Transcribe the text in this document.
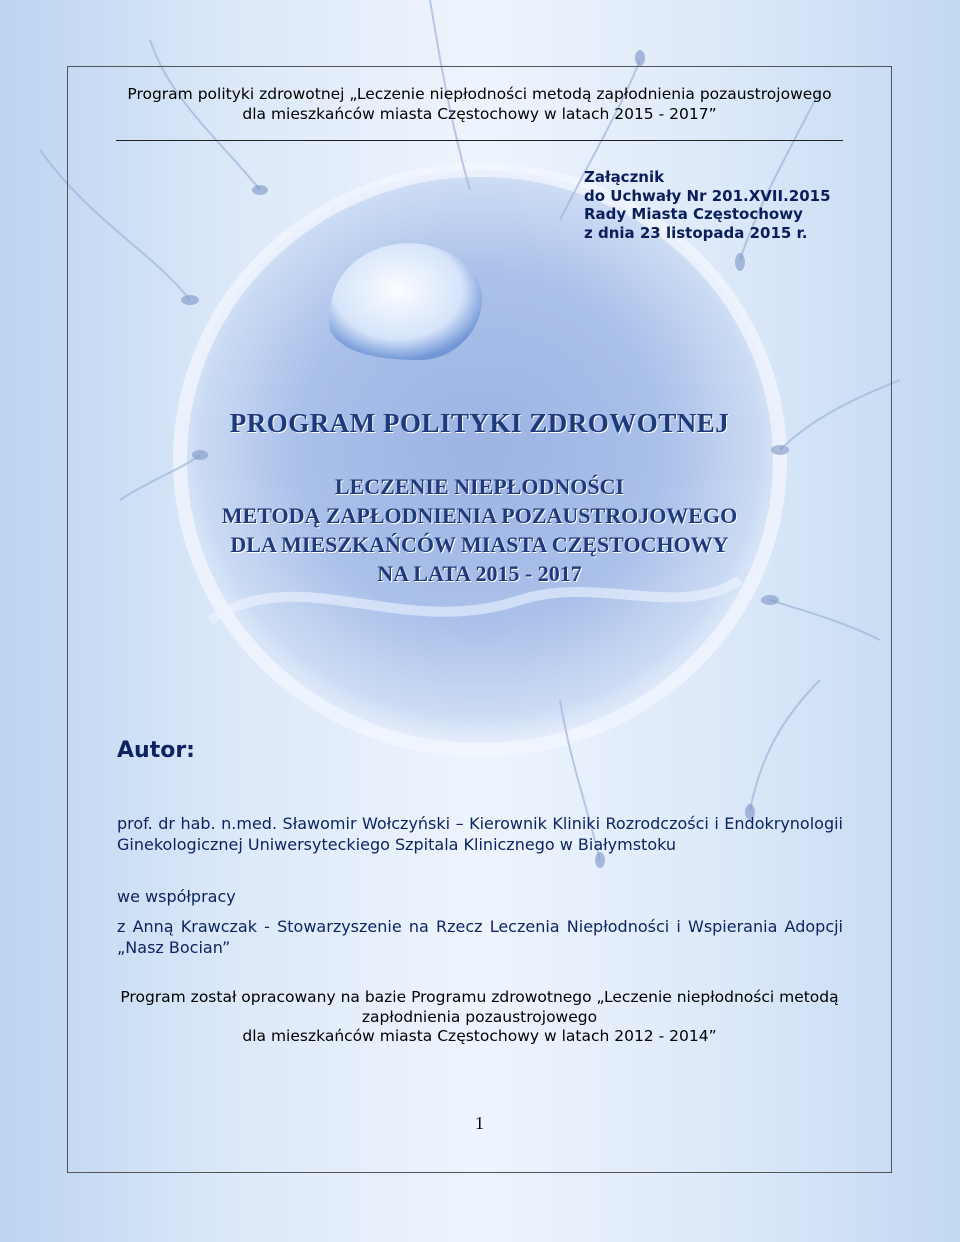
Program polityki zdrowotnej „Leczenie niepłodności metodą zapłodnienia pozaustrojowego
dla mieszkańców miasta Częstochowy w latach 2015 - 2017”
Załącznik
do Uchwały Nr 201.XVII.2015
Rady Miasta Częstochowy
z dnia 23 listopada 2015 r.
PROGRAM POLITYKI ZDROWOTNEJ
LECZENIE NIEPŁODNOŚCI
METODĄ ZAPŁODNIENIA POZAUSTROJOWEGO
DLA MIESZKAŃCÓW MIASTA CZĘSTOCHOWY
NA LATA 2015 - 2017
Autor:
prof. dr hab. n.med. Sławomir Wołczyński – Kierownik Kliniki Rozrodczości i Endokrynologii Ginekologicznej Uniwersyteckiego Szpitala Klinicznego w Białymstoku
we współpracy
z Anną Krawczak - Stowarzyszenie na Rzecz Leczenia Niepłodności i Wspierania Adopcji „Nasz Bocian”
Program został opracowany na bazie Programu zdrowotnego „Leczenie niepłodności metodą
zapłodnienia pozaustrojowego
dla mieszkańców miasta Częstochowy w latach 2012 - 2014”
1
